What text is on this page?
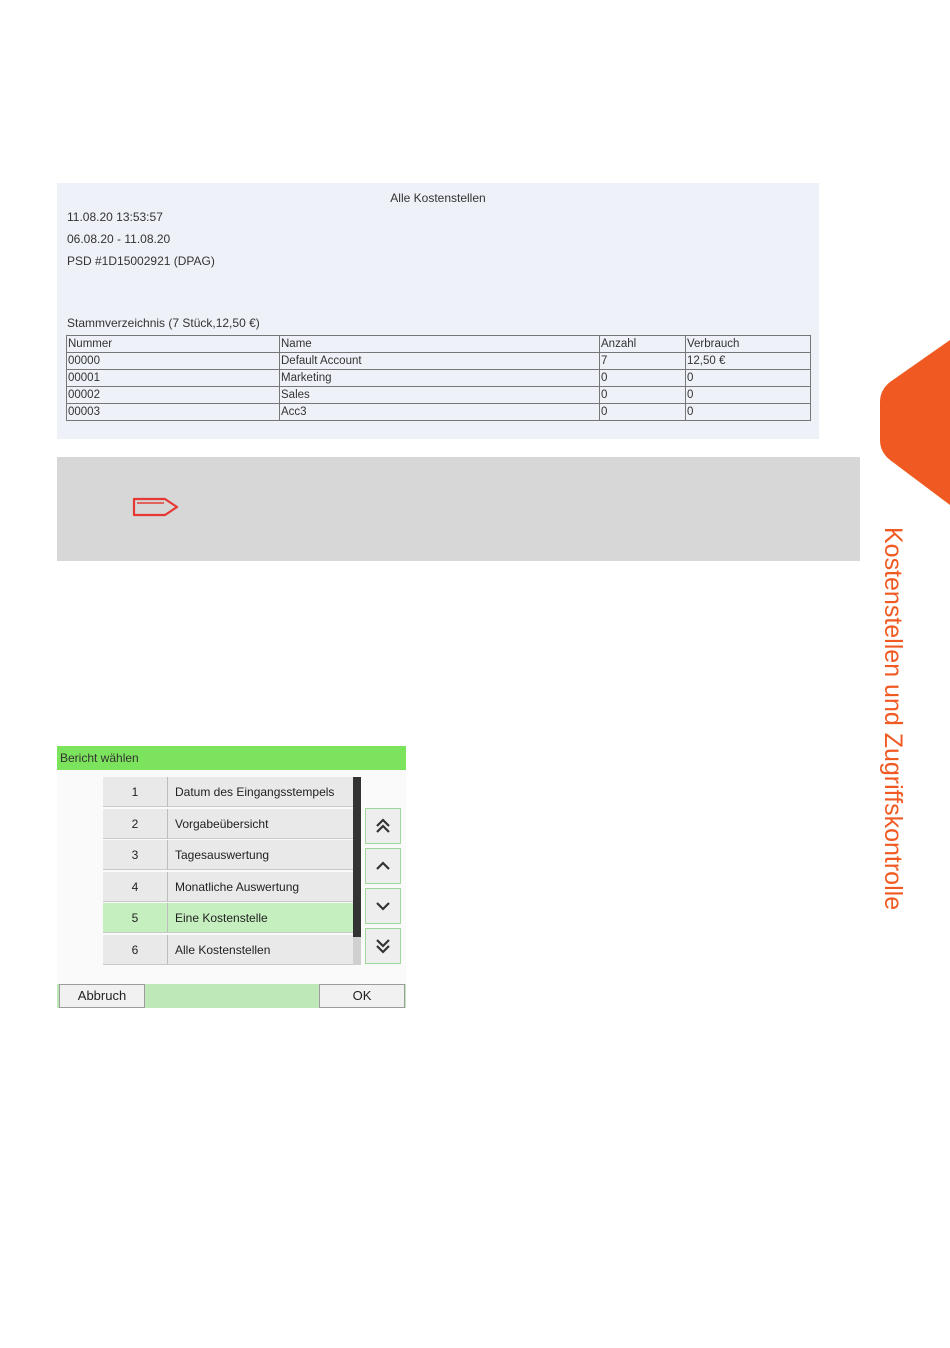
Alle Kostenstellen
11.08.20 13:53:57
06.08.20 - 11.08.20
PSD #1D15002921 (DPAG)
Stammverzeichnis (7 Stück,12,50 €)
Nummer	Name	Anzahl	Verbrauch
00000	Default Account	7	12,50 €
00001	Marketing	0	0
00002	Sales	0	0
00003	Acc3	0	0
Kostenstellen und Zugriffskontrolle
Bericht wählen
1	Datum des Eingangsstempels
2	Vorgabeübersicht
3	Tagesauswertung
4	Monatliche Auswertung
5	Eine Kostenstelle
6	Alle Kostenstellen
Abbruch	OK
